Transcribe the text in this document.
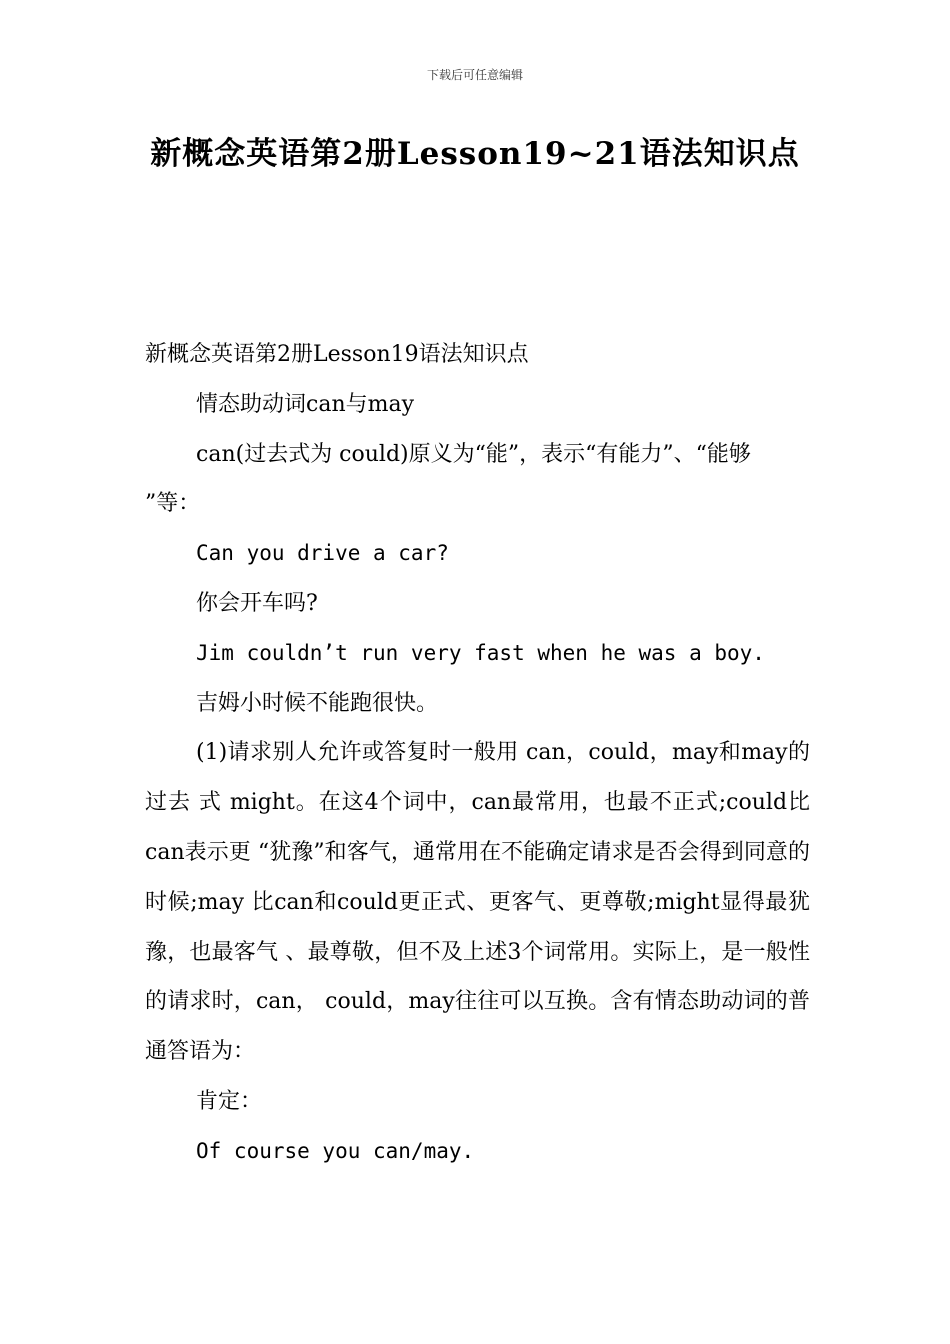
下载后可任意编辑
新概念英语第2册Lesson19~21语法知识点

新概念英语第2册Lesson19语法知识点

情态助动词can与may

can(过去式为 could)原义为“能”，表示“有能力”、“能够 ”等：

Can you drive a car?

你会开车吗?

Jim couldn’t run very fast when he was a boy.

吉姆小时候不能跑很快。

(1)请求别人允许或答复时一般用 can，could，may和may的过去 式 might。在这4个词中，can最常用，也最不正式;could比can表示更 “犹豫”和客气，通常用在不能确定请求是否会得到同意的时候;may 比can和could更正式、更客气、更尊敬;might显得最犹豫，也最客气 、最尊敬，但不及上述3个词常用。实际上，是一般性的请求时，can， could，may往往可以互换。含有情态助动词的普通答语为：

肯定：

Of course you can/may.
